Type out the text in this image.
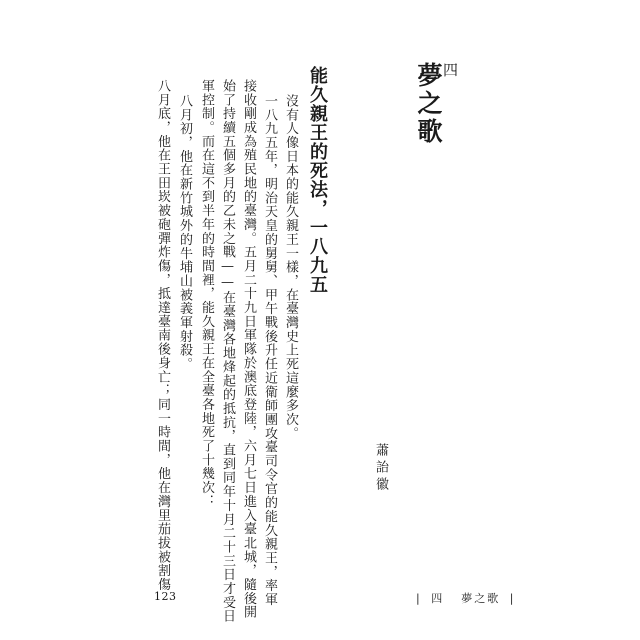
四
夢之歌
能久親王的死法，一八九五
蕭詒徽
沒有人像日本的能久親王一樣，在臺灣史上死這麼多次。
一八九五年，明治天皇的舅舅、甲午戰後升任近衛師團攻臺司令官的能久親王，率軍
接收剛成為殖民地的臺灣。五月二十九日軍隊於澳底登陸，六月七日進入臺北城，隨後開
始了持續五個多月的乙未之戰——在臺灣各地烽起的抵抗，直到同年十月二十三日才受日
軍控制。而在這不到半年的時間裡，能久親王在全臺各地死了十幾次：
八月初，他在新竹城外的牛埔山被義軍射殺。
八月底，他在王田崁被砲彈炸傷，抵達臺南後身亡；同一時間，他在灣里茄拔被割傷
123	| 四 夢之歌 |
